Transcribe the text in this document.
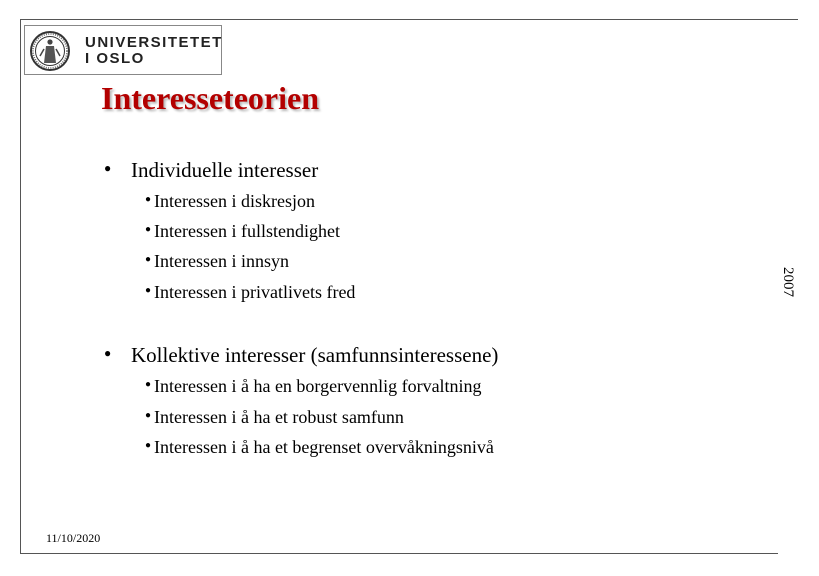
UNIVERSITETET
I OSLO
Interesseteorien
2007
● Individuelle interesser
● Interessen i diskresjon
● Interessen i fullstendighet
● Interessen i innsyn
● Interessen i privatlivets fred
● Kollektive interesser (samfunnsinteressene)
● Interessen i å ha en borgervennlig forvaltning
● Interessen i å ha et robust samfunn
● Interessen i å ha et begrenset overvåkningsnivå
11/10/2020
